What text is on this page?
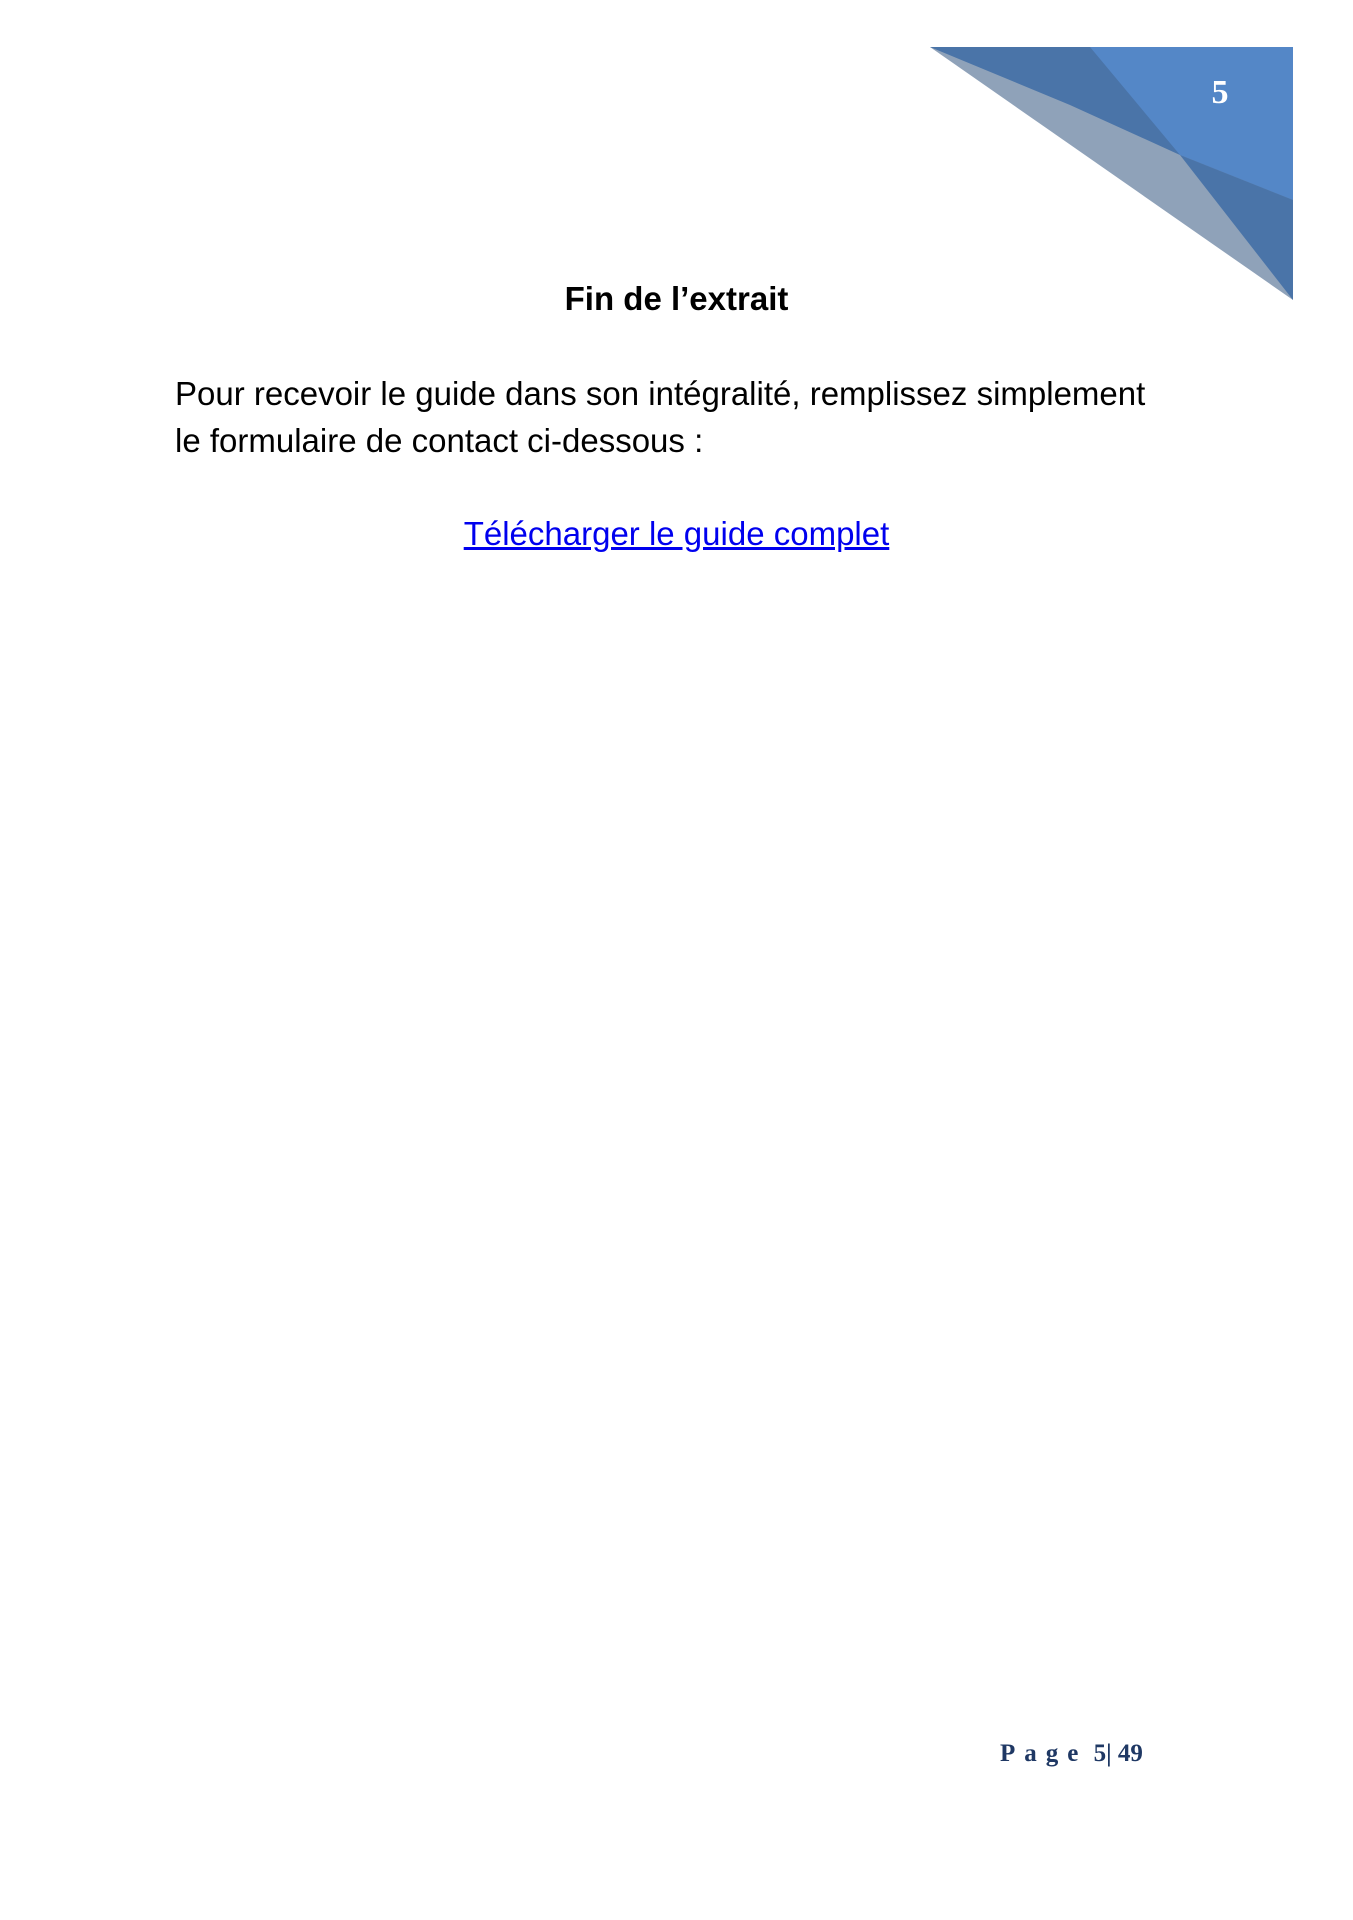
5
Fin de l’extrait
Pour recevoir le guide dans son intégralité, remplissez simplement
le formulaire de contact ci-dessous :
Télécharger le guide complet
Page 5| 49
